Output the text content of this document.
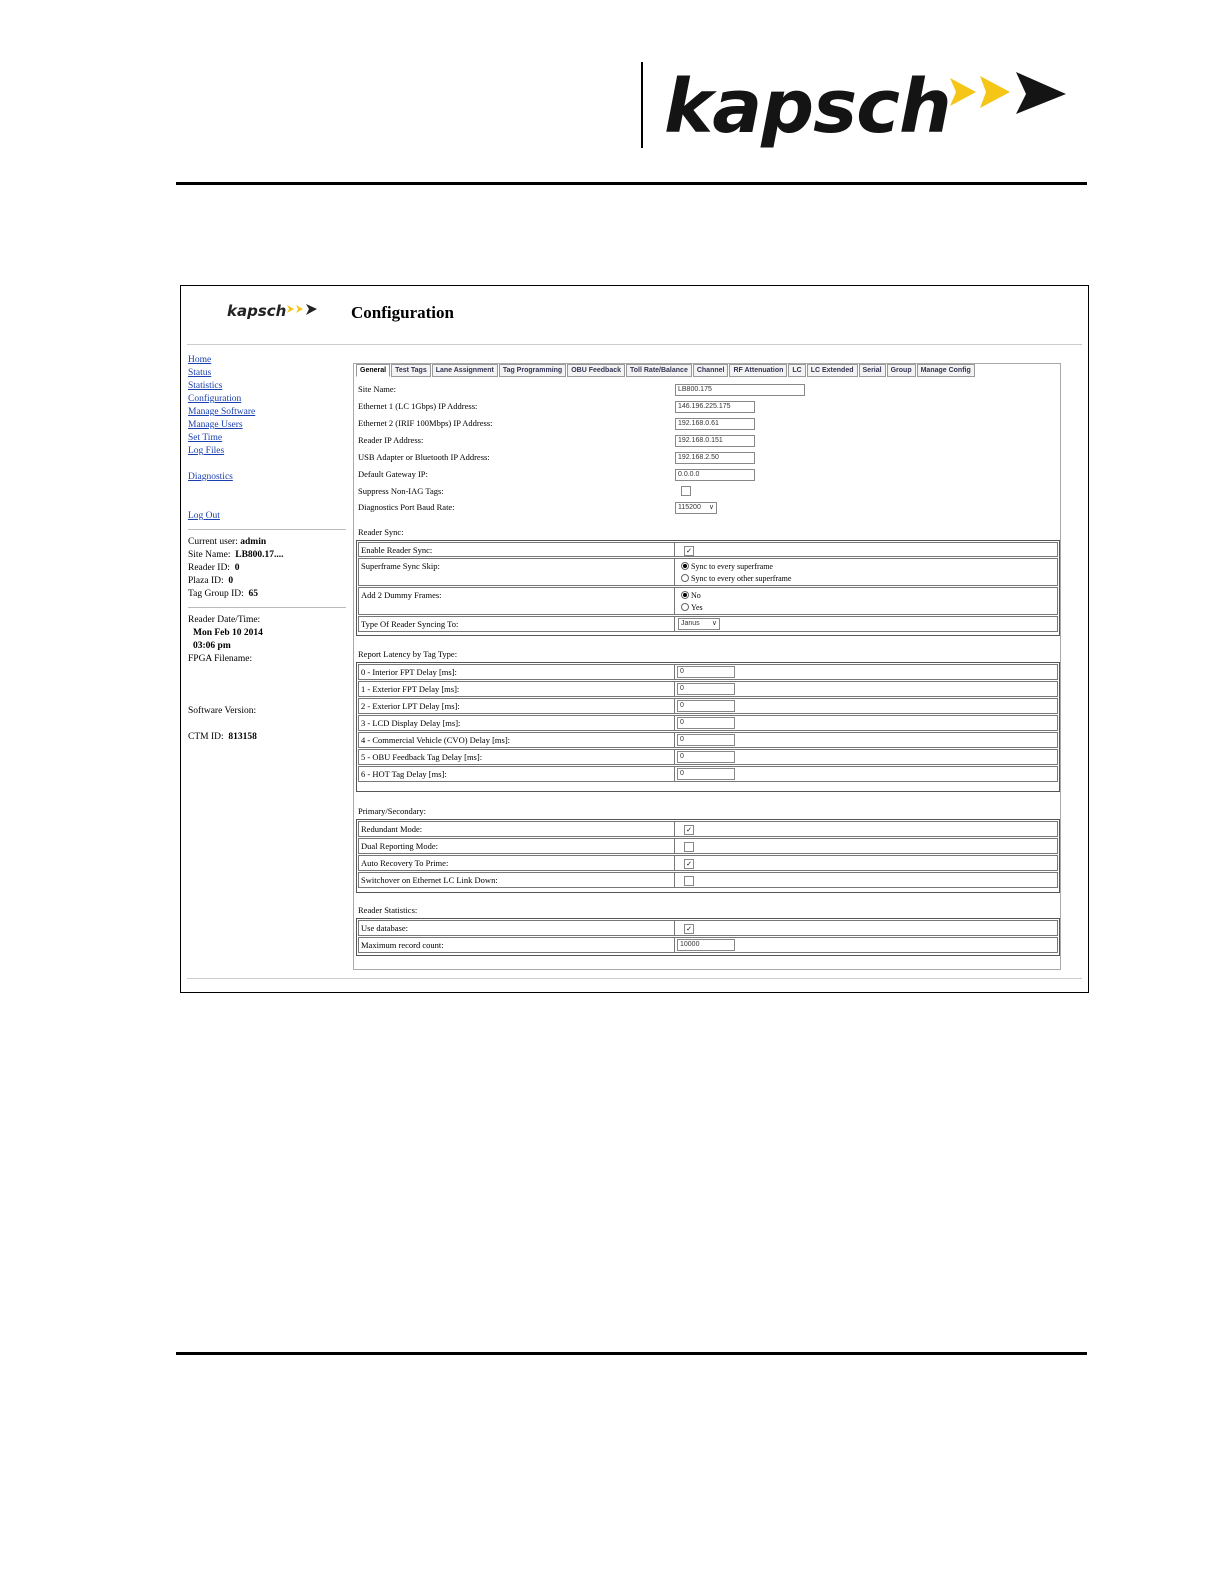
kapsch
kapsch	Configuration
Home
Status
Statistics
Configuration
Manage Software
Manage Users
Set Time
Log Files
Diagnostics
Log Out
Current user: admin
Site Name: LB800.17....
Reader ID: 0
Plaza ID: 0
Tag Group ID: 65
Reader Date/Time:
Mon Feb 10 2014
03:06 pm
FPGA Filename:
Software Version:
CTM ID: 813158
General	Test Tags	Lane Assignment	Tag Programming	OBU Feedback	Toll Rate/Balance	Channel	RF Attenuation	LC	LC Extended	Serial	Group	Manage Config
Site Name:	LB800.175
Ethernet 1 (LC 1Gbps) IP Address:	146.196.225.175
Ethernet 2 (IRIF 100Mbps) IP Address:	192.168.0.61
Reader IP Address:	192.168.0.151
USB Adapter or Bluetooth IP Address:	192.168.2.50
Default Gateway IP:	0.0.0.0
Suppress Non-IAG Tags:
Diagnostics Port Baud Rate:	115200 ∨
Reader Sync:
Enable Reader Sync:	✓
Superframe Sync Skip:	Sync to every superframe
Sync to every other superframe
Add 2 Dummy Frames:	No
Yes
Type Of Reader Syncing To:	Janus ∨
Report Latency by Tag Type:
0 - Interior FPT Delay [ms]:	0
1 - Exterior FPT Delay [ms]:	0
2 - Exterior LPT Delay [ms]:	0
3 - LCD Display Delay [ms]:	0
4 - Commercial Vehicle (CVO) Delay [ms]:	0
5 - OBU Feedback Tag Delay [ms]:	0
6 - HOT Tag Delay [ms]:	0
Primary/Secondary:
Redundant Mode:	✓
Dual Reporting Mode:
Auto Recovery To Prime:	✓
Switchover on Ethernet LC Link Down:
Reader Statistics:
Use database:	✓
Maximum record count:	10000
